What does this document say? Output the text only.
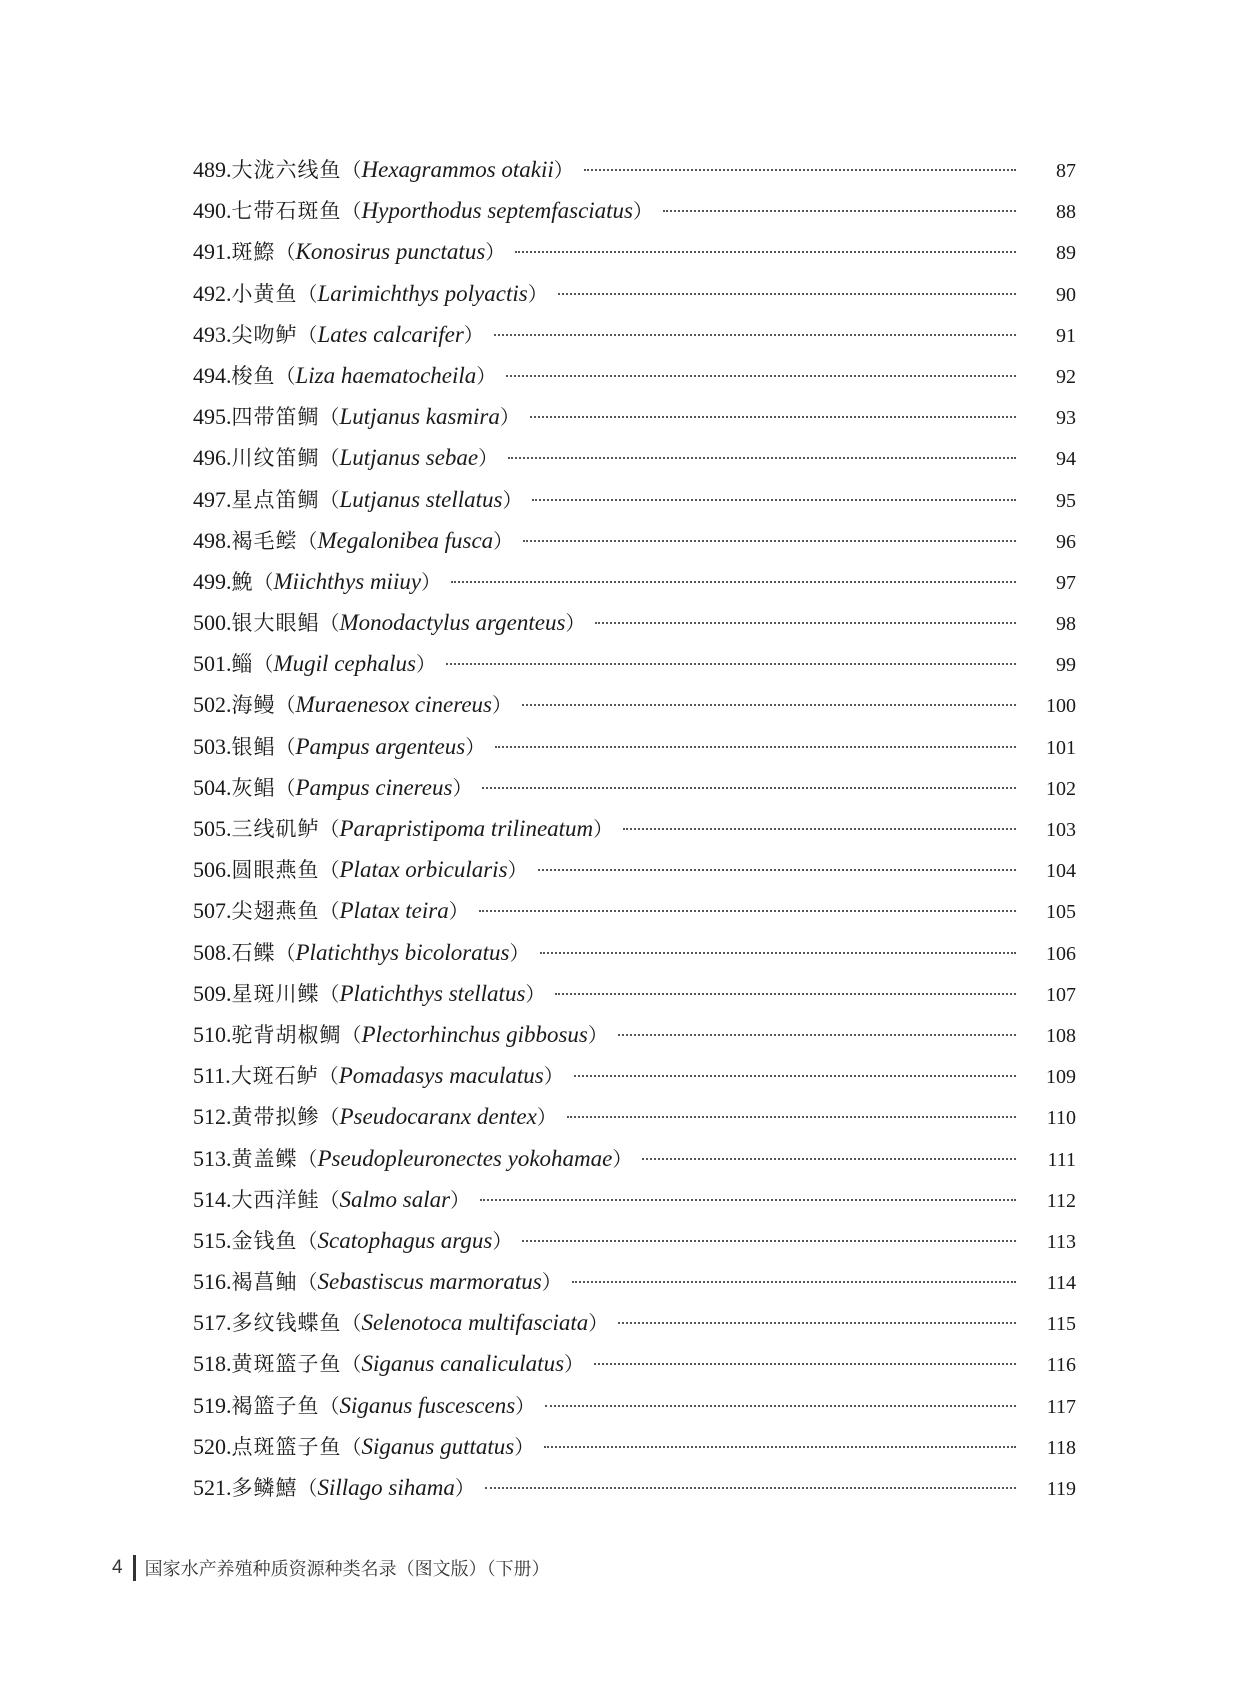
489. 大泷六线鱼 （ Hexagrammos otakii ）	87
490. 七带石斑鱼 （ Hyporthodus septemfasciatus ）	88
491. 斑鰶 （ Konosirus punctatus ）	89
492. 小黄鱼 （ Larimichthys polyactis ）	90
493. 尖吻鲈 （ Lates calcarifer ）	91
494. 梭鱼 （ Liza haematocheila ）	92
495. 四带笛鲷 （ Lutjanus kasmira ）	93
496. 川纹笛鲷 （ Lutjanus sebae ）	94
497. 星点笛鲷 （ Lutjanus stellatus ）	95
498. 褐毛鲿 （ Megalonibea fusca ）	96
499. 鮸 （ Miichthys miiuy ）	97
500. 银大眼鲳 （ Monodactylus argenteus ）	98
501. 鲻 （ Mugil cephalus ）	99
502. 海鳗 （ Muraenesox cinereus ）	100
503. 银鲳 （ Pampus argenteus ）	101
504. 灰鲳 （ Pampus cinereus ）	102
505. 三线矶鲈 （ Parapristipoma trilineatum ）	103
506. 圆眼燕鱼 （ Platax orbicularis ）	104
507. 尖翅燕鱼 （ Platax teira ）	105
508. 石鲽 （ Platichthys bicoloratus ）	106
509. 星斑川鲽 （ Platichthys stellatus ）	107
510. 驼背胡椒鲷 （ Plectorhinchus gibbosus ）	108
511. 大斑石鲈 （ Pomadasys maculatus ）	109
512. 黄带拟鲹 （ Pseudocaranx dentex ）	110
513. 黄盖鲽 （ Pseudopleuronectes yokohamae ）	111
514. 大西洋鲑 （ Salmo salar ）	112
515. 金钱鱼 （ Scatophagus argus ）	113
516. 褐菖鲉 （ Sebastiscus marmoratus ）	114
517. 多纹钱蝶鱼 （ Selenotoca multifasciata ）	115
518. 黄斑篮子鱼 （ Siganus canaliculatus ）	116
519. 褐篮子鱼 （ Siganus fuscescens ）	117
520. 点斑篮子鱼 （ Siganus guttatus ）	118
521. 多鳞鱚 （ Sillago sihama ）	119
4 国家水产养殖种质资源种类名录（图文版）（下册）
